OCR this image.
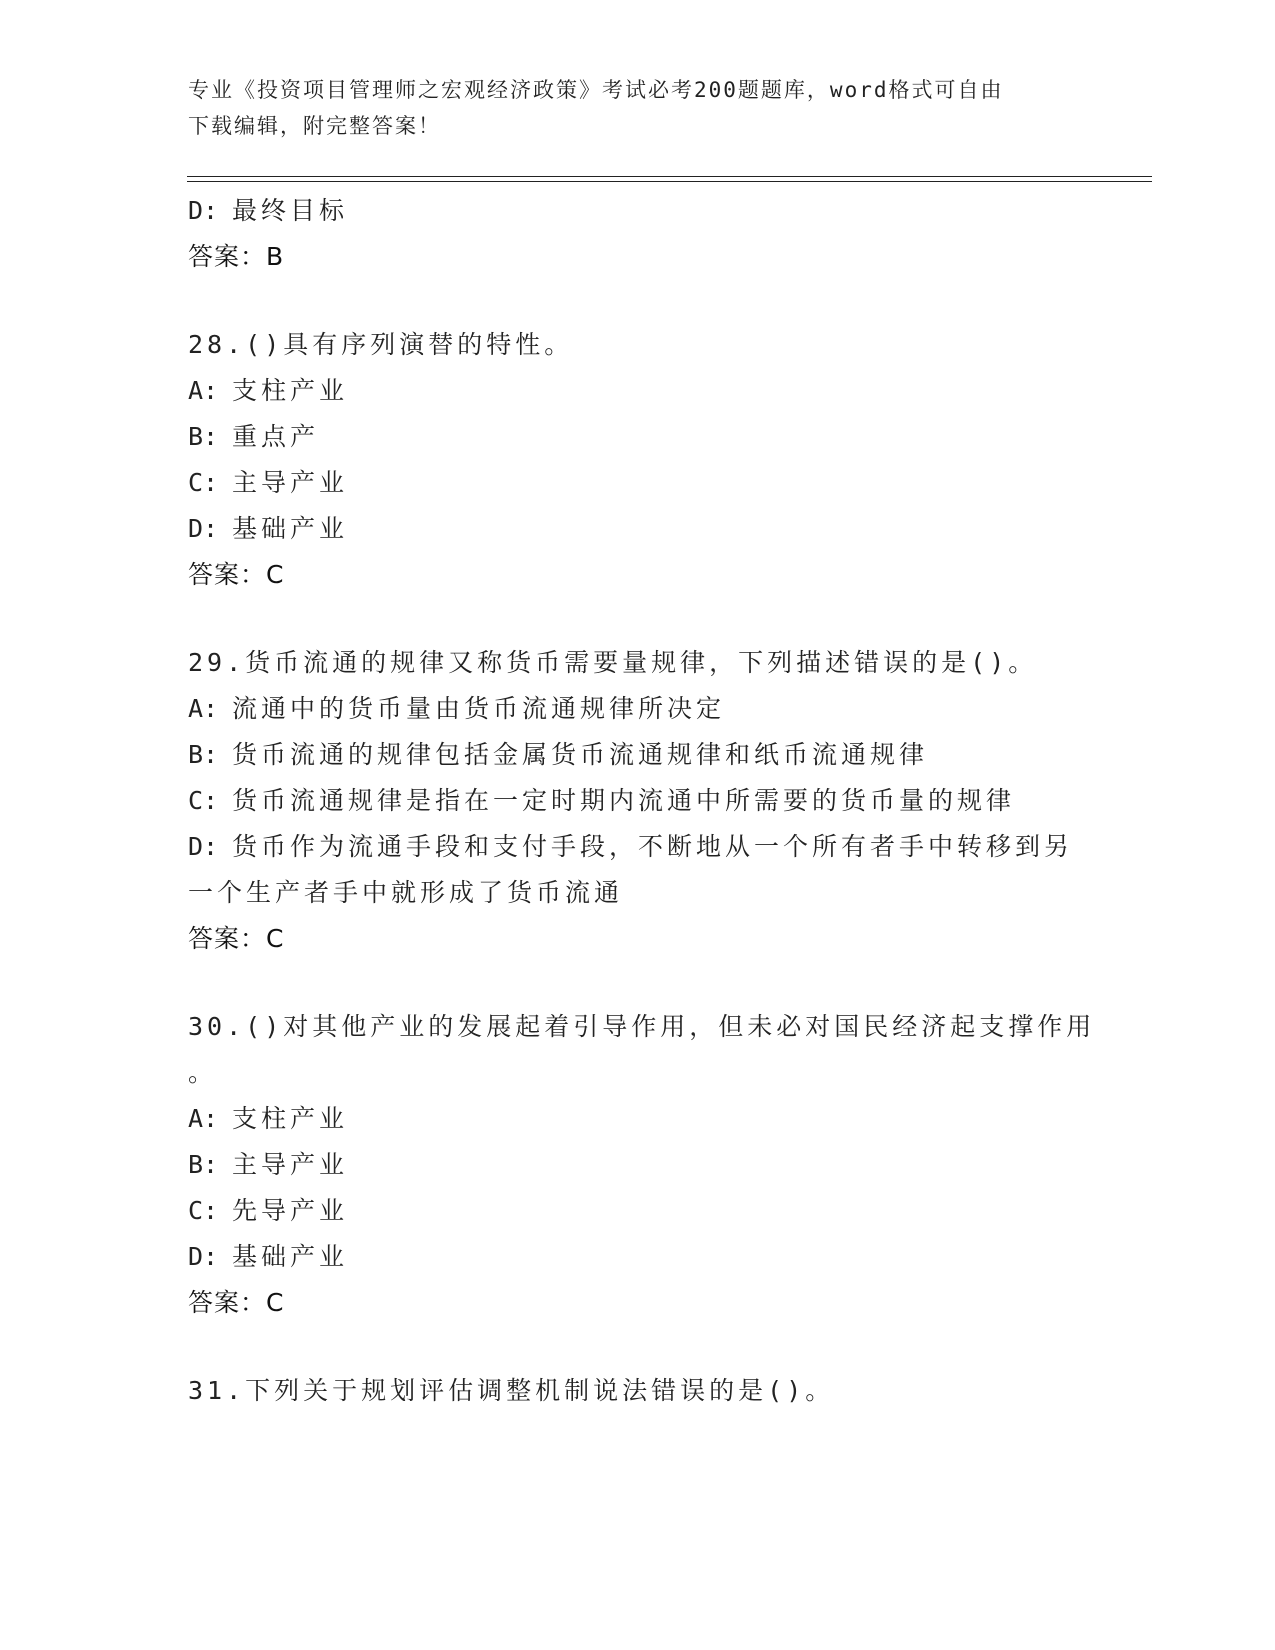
专业《投资项目管理师之宏观经济政策》考试必考200题题库，word格式可自由
下载编辑，附完整答案！
D: 最终目标
答案：B
28.()具有序列演替的特性。
A: 支柱产业
B: 重点产
C: 主导产业
D: 基础产业
答案：C
29.货币流通的规律又称货币需要量规律，下列描述错误的是()。
A: 流通中的货币量由货币流通规律所决定
B: 货币流通的规律包括金属货币流通规律和纸币流通规律
C: 货币流通规律是指在一定时期内流通中所需要的货币量的规律
D: 货币作为流通手段和支付手段，不断地从一个所有者手中转移到另
一个生产者手中就形成了货币流通
答案：C
30.()对其他产业的发展起着引导作用，但未必对国民经济起支撑作用
。
A: 支柱产业
B: 主导产业
C: 先导产业
D: 基础产业
答案：C
31.下列关于规划评估调整机制说法错误的是()。
